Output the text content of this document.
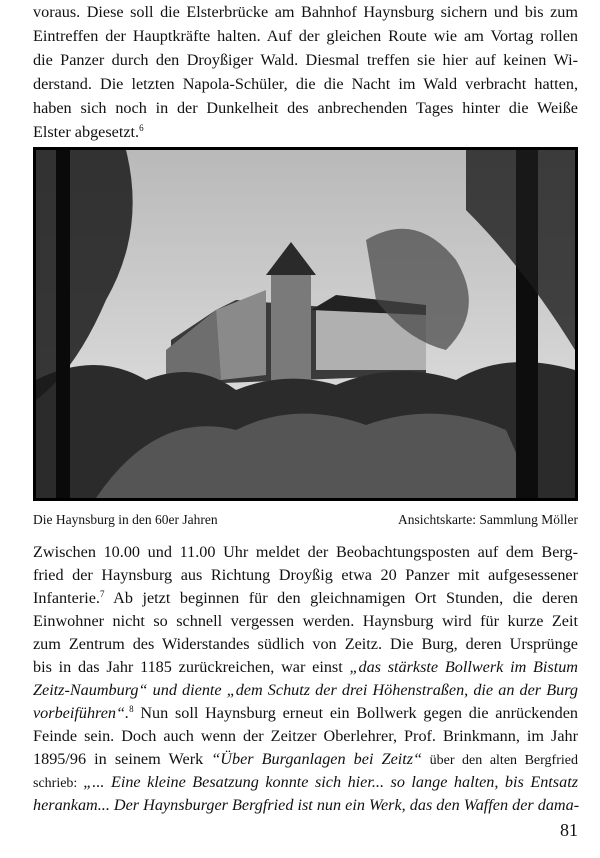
voraus. Diese soll die Elsterbrücke am Bahnhof Haynsburg sichern und bis zum
Eintreffen der Hauptkräfte halten. Auf der gleichen Route wie am Vortag rollen
die Panzer durch den Droyßiger Wald. Diesmal treffen sie hier auf keinen Wi-
derstand. Die letzten Napola-Schüler, die die Nacht im Wald verbracht hatten,
haben sich noch in der Dunkelheit des anbrechenden Tages hinter die Weiße
Elster abgesetzt.$^6$
Die Haynsburg in den 60er Jahren	Ansichtskarte: Sammlung Möller
Zwischen 10.00 und 11.00 Uhr meldet der Beobachtungsposten auf dem Berg-
fried der Haynsburg aus Richtung Droyßig etwa 20 Panzer mit aufgesessener
Infanterie.$^7$ Ab jetzt beginnen für den gleichnamigen Ort Stunden, die deren
Einwohner nicht so schnell vergessen werden. Haynsburg wird für kurze Zeit
zum Zentrum des Widerstandes südlich von Zeitz. Die Burg, deren Ursprünge
bis in das Jahr 1185 zurückreichen, war einst „das stärkste Bollwerk im Bistum
Zeitz-Naumburg“ und diente „dem Schutz der drei Höhenstraßen, die an der Burg
vorbeiführen“.$^8$ Nun soll Haynsburg erneut ein Bollwerk gegen die anrückenden
Feinde sein. Doch auch wenn der Zeitzer Oberlehrer, Prof. Brinkmann, im Jahr
1895/96 in seinem Werk “Über Burganlagen bei Zeitz“ über den alten Bergfried
schrieb: „... Eine kleine Besatzung konnte sich hier... so lange halten, bis Entsatz
herankam... Der Haynsburger Bergfried ist nun ein Werk, das den Waffen der dama-
81
